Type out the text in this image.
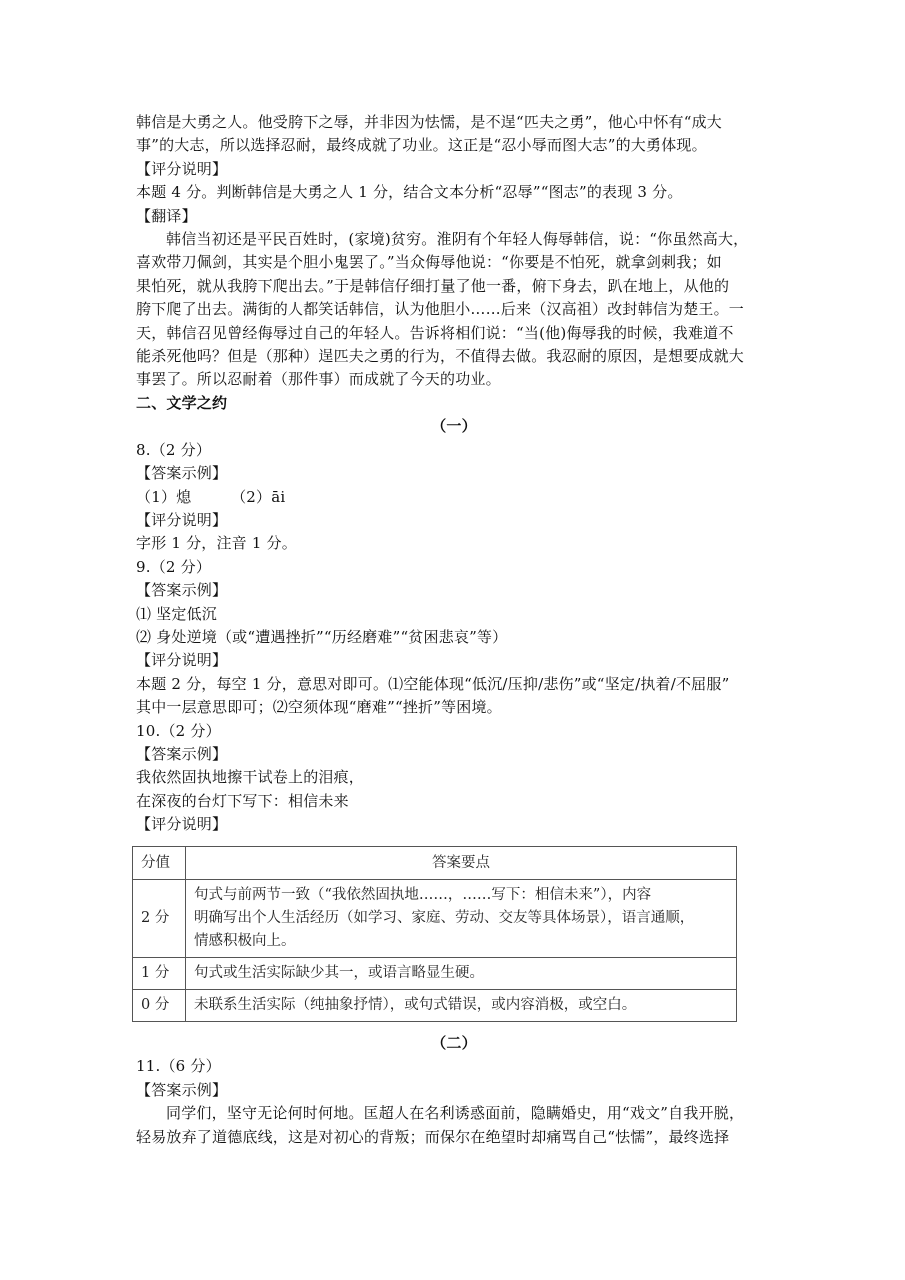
韩信是大勇之人。他受胯下之辱，并非因为怯懦，是不逞“匹夫之勇”，他心中怀有“成大

事”的大志，所以选择忍耐，最终成就了功业。这正是“忍小辱而图大志”的大勇体现。

【评分说明】

本题 4 分。判断韩信是大勇之人 1 分，结合文本分析“忍辱”“图志”的表现 3 分。

【翻译】

韩信当初还是平民百姓时，(家境)贫穷。淮阴有个年轻人侮辱韩信，说：“你虽然高大，

喜欢带刀佩剑，其实是个胆小鬼罢了。”当众侮辱他说：“你要是不怕死，就拿剑刺我；如

果怕死，就从我胯下爬出去。”于是韩信仔细打量了他一番，俯下身去，趴在地上，从他的

胯下爬了出去。满街的人都笑话韩信，认为他胆小……后来（汉高祖）改封韩信为楚王。一

天，韩信召见曾经侮辱过自己的年轻人。告诉将相们说：“当(他)侮辱我的时候，我难道不

能杀死他吗？但是（那种）逞匹夫之勇的行为，不值得去做。我忍耐的原因，是想要成就大

事罢了。所以忍耐着（那件事）而成就了今天的功业。

二、文学之约

（一）

8.（2 分）

【答案示例】

（1）熄        （2）āi

【评分说明】

字形 1 分，注音 1 分。

9.（2 分）

【答案示例】

⑴ 坚定低沉

⑵ 身处逆境（或“遭遇挫折”“历经磨难”“贫困悲哀”等）

【评分说明】

本题 2 分，每空 1 分，意思对即可。⑴空能体现“低沉/压抑/悲伤”或“坚定/执着/不屈服”

其中一层意思即可；⑵空须体现“磨难”“挫折”等困境。

10.（2 分）

【答案示例】

我依然固执地擦干试卷上的泪痕，

在深夜的台灯下写下：相信未来

【评分说明】

分值	答案要点
2 分	句式与前两节一致（“我依然固执地……，……写下：相信未来”），内容
明确写出个人生活经历（如学习、家庭、劳动、交友等具体场景），语言通顺，
情感积极向上。

1 分	句式或生活实际缺少其一，或语言略显生硬。

0 分	未联系生活实际（纯抽象抒情），或句式错误，或内容消极，或空白。

（二）

11.（6 分）

【答案示例】

同学们，坚守无论何时何地。匡超人在名利诱惑面前，隐瞒婚史，用“戏文”自我开脱，

轻易放弃了道德底线，这是对初心的背叛；而保尔在绝望时却痛骂自己“怯懦”，最终选择
